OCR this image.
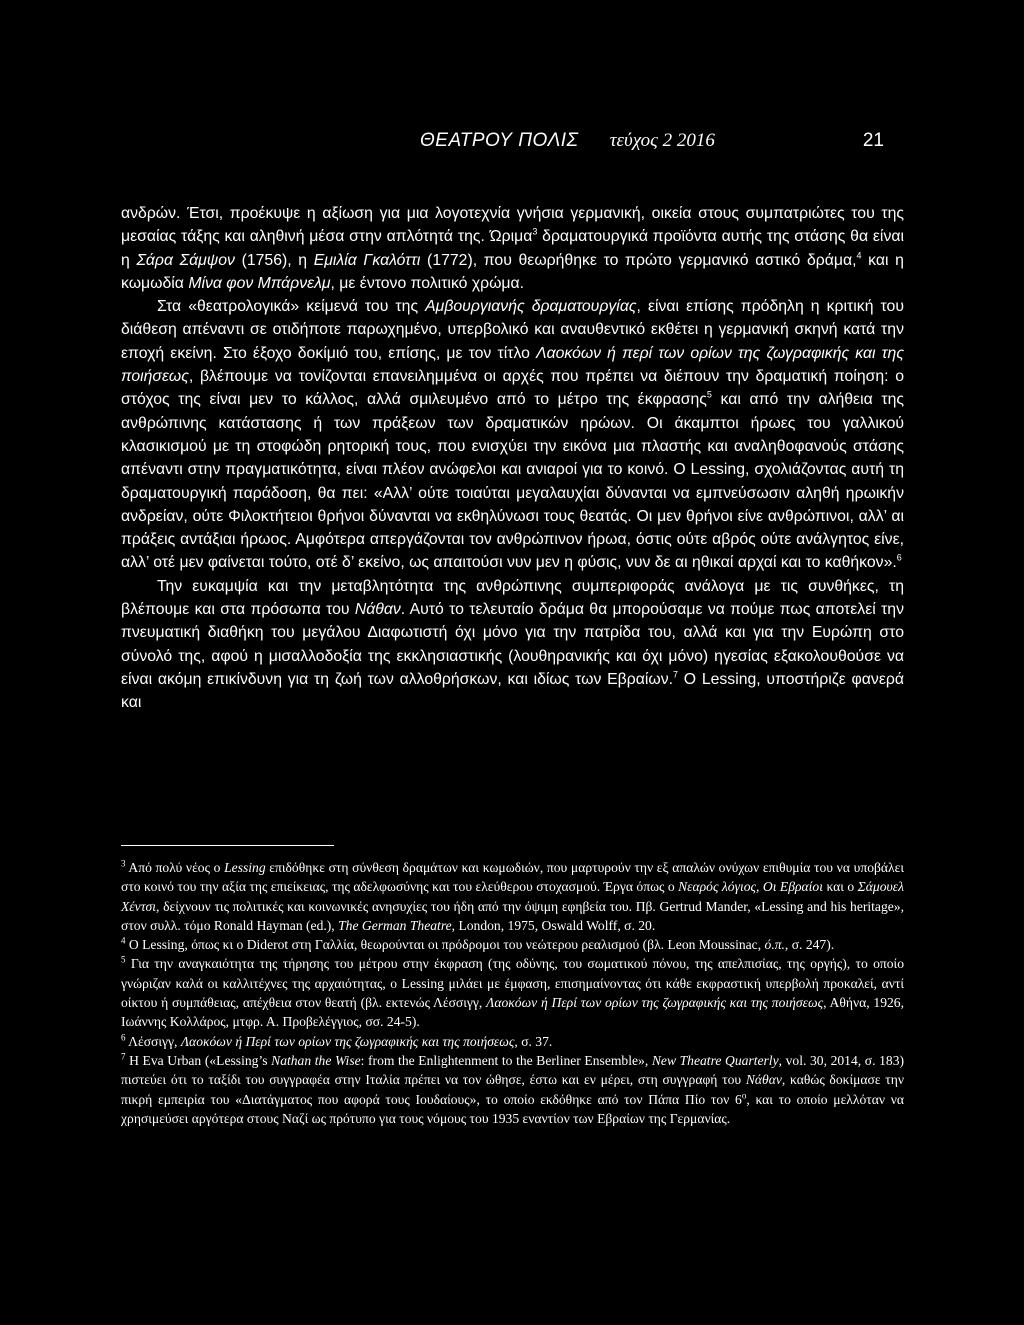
ΘΕΑΤΡΟΥ ΠΟΛΙΣ τεύχος 2 2016	21

ανδρών. Έτσι, προέκυψε η αξίωση για μια λογοτεχνία γνήσια γερμανική, οικεία στους συμπατριώτες του της μεσαίας τάξης και αληθινή μέσα στην απλότητά της. Ώριμα$^3$ δραματουργικά προϊόντα αυτής της στάσης θα είναι η Σάρα Σάμψον (1756), η Εμιλία Γκαλόττι (1772), που θεωρήθηκε το πρώτο γερμανικό αστικό δράμα,$^4$ και η κωμωδία Μίνα φον Μπάρνελμ, με έντονο πολιτικό χρώμα.

Στα «θεατρολογικά» κείμενά του της Αμβουργιανής δραματουργίας, είναι επίσης πρόδηλη η κριτική του διάθεση απέναντι σε οτιδήποτε παρωχημένο, υπερβολικό και αναυθεντικό εκθέτει η γερμανική σκηνή κατά την εποχή εκείνη. Στο έξοχο δοκίμιό του, επίσης, με τον τίτλο Λαοκόων ή περί των ορίων της ζωγραφικής και της ποιήσεως, βλέπουμε να τονίζονται επανειλημμένα οι αρχές που πρέπει να διέπουν την δραματική ποίηση: ο στόχος της είναι μεν το κάλλος, αλλά σμιλευμένο από το μέτρο της έκφρασης$^5$ και από την αλήθεια της ανθρώπινης κατάστασης ή των πράξεων των δραματικών ηρώων. Οι άκαμπτοι ήρωες του γαλλικού κλασικισμού με τη στοφώδη ρητορική τους, που ενισχύει την εικόνα μια πλαστής και αναληθοφανούς στάσης απέναντι στην πραγματικότητα, είναι πλέον ανώφελοι και ανιαροί για το κοινό. Ο Lessing, σχολιάζοντας αυτή τη δραματουργική παράδοση, θα πει: «Αλλ’ ούτε τοιαύται μεγαλαυχίαι δύνανται να εμπνεύσωσιν αληθή ηρωικήν ανδρείαν, ούτε Φιλοκτήτειοι θρήνοι δύνανται να εκθηλύνωσι τους θεατάς. Οι μεν θρήνοι είνε ανθρώπινοι, αλλ’ αι πράξεις αντάξιαι ήρωος. Αμφότερα απεργάζονται τον ανθρώπινον ήρωα, όστις ούτε αβρός ούτε ανάλγητος είνε, αλλ’ οτέ μεν φαίνεται τούτο, οτέ δ’ εκείνο, ως απαιτούσι νυν μεν η φύσις, νυν δε αι ηθικαί αρχαί και το καθήκον».$^6$

Την ευκαμψία και την μεταβλητότητα της ανθρώπινης συμπεριφοράς ανάλογα με τις συνθήκες, τη βλέπουμε και στα πρόσωπα του Νάθαν. Αυτό το τελευταίο δράμα θα μπορούσαμε να πούμε πως αποτελεί την πνευματική διαθήκη του μεγάλου Διαφωτιστή όχι μόνο για την πατρίδα του, αλλά και για την Ευρώπη στο σύνολό της, αφού η μισαλλοδοξία της εκκλησιαστικής (λουθηρανικής και όχι μόνο) ηγεσίας εξακολουθούσε να είναι ακόμη επικίνδυνη για τη ζωή των αλλοθρήσκων, και ιδίως των Εβραίων.$^7$ Ο Lessing, υποστήριζε φανερά και

$^3$ Από πολύ νέος ο Lessing επιδόθηκε στη σύνθεση δραμάτων και κωμωδιών, που μαρτυρούν την εξ απαλών ονύχων επιθυμία του να υποβάλει στο κοινό του την αξία της επιείκειας, της αδελφωσύνης και του ελεύθερου στοχασμού. Έργα όπως ο Νεαρός λόγιος, Οι Εβραίοι και ο Σάμουελ Χέντσι, δείχνουν τις πολιτικές και κοινωνικές ανησυχίες του ήδη από την όψιμη εφηβεία του. Πβ. Gertrud Mander, «Lessing and his heritage», στον συλλ. τόμο Ronald Hayman (ed.), The German Theatre, London, 1975, Oswald Wolff, σ. 20.

$^4$ Ο Lessing, όπως κι ο Diderot στη Γαλλία, θεωρούνται οι πρόδρομοι του νεώτερου ρεαλισμού (βλ. Leon Moussinac, ό.π., σ. 247).

$^5$ Για την αναγκαιότητα της τήρησης του μέτρου στην έκφραση (της οδύνης, του σωματικού πόνου, της απελπισίας, της οργής), το οποίο γνώριζαν καλά οι καλλιτέχνες της αρχαιότητας, ο Lessing μιλάει με έμφαση, επισημαίνοντας ότι κάθε εκφραστική υπερβολή προκαλεί, αντί οίκτου ή συμπάθειας, απέχθεια στον θεατή (βλ. εκτενώς Λέσσιγγ, Λαοκόων ή Περί των ορίων της ζωγραφικής και της ποιήσεως, Αθήνα, 1926, Ιωάννης Κολλάρος, μτφρ. Α. Προβελέγγιος, σσ. 24-5).

$^6$ Λέσσιγγ, Λαοκόων ή Περί των ορίων της ζωγραφικής και της ποιήσεως, σ. 37.

$^7$ Η Eva Urban («Lessing’s Nathan the Wise: from the Enlightenment to the Berliner Ensemble», New Theatre Quarterly, vol. 30, 2014, σ. 183) πιστεύει ότι το ταξίδι του συγγραφέα στην Ιταλία πρέπει να τον ώθησε, έστω και εν μέρει, στη συγγραφή του Νάθαν, καθώς δοκίμασε την πικρή εμπειρία του «Διατάγματος που αφορά τους Ιουδαίους», το οποίο εκδόθηκε από τον Πάπα Πίο τον $6^o$, και το οποίο μελλόταν να χρησιμεύσει αργότερα στους Ναζί ως πρότυπο για τους νόμους του 1935 εναντίον των Εβραίων της Γερμανίας.
